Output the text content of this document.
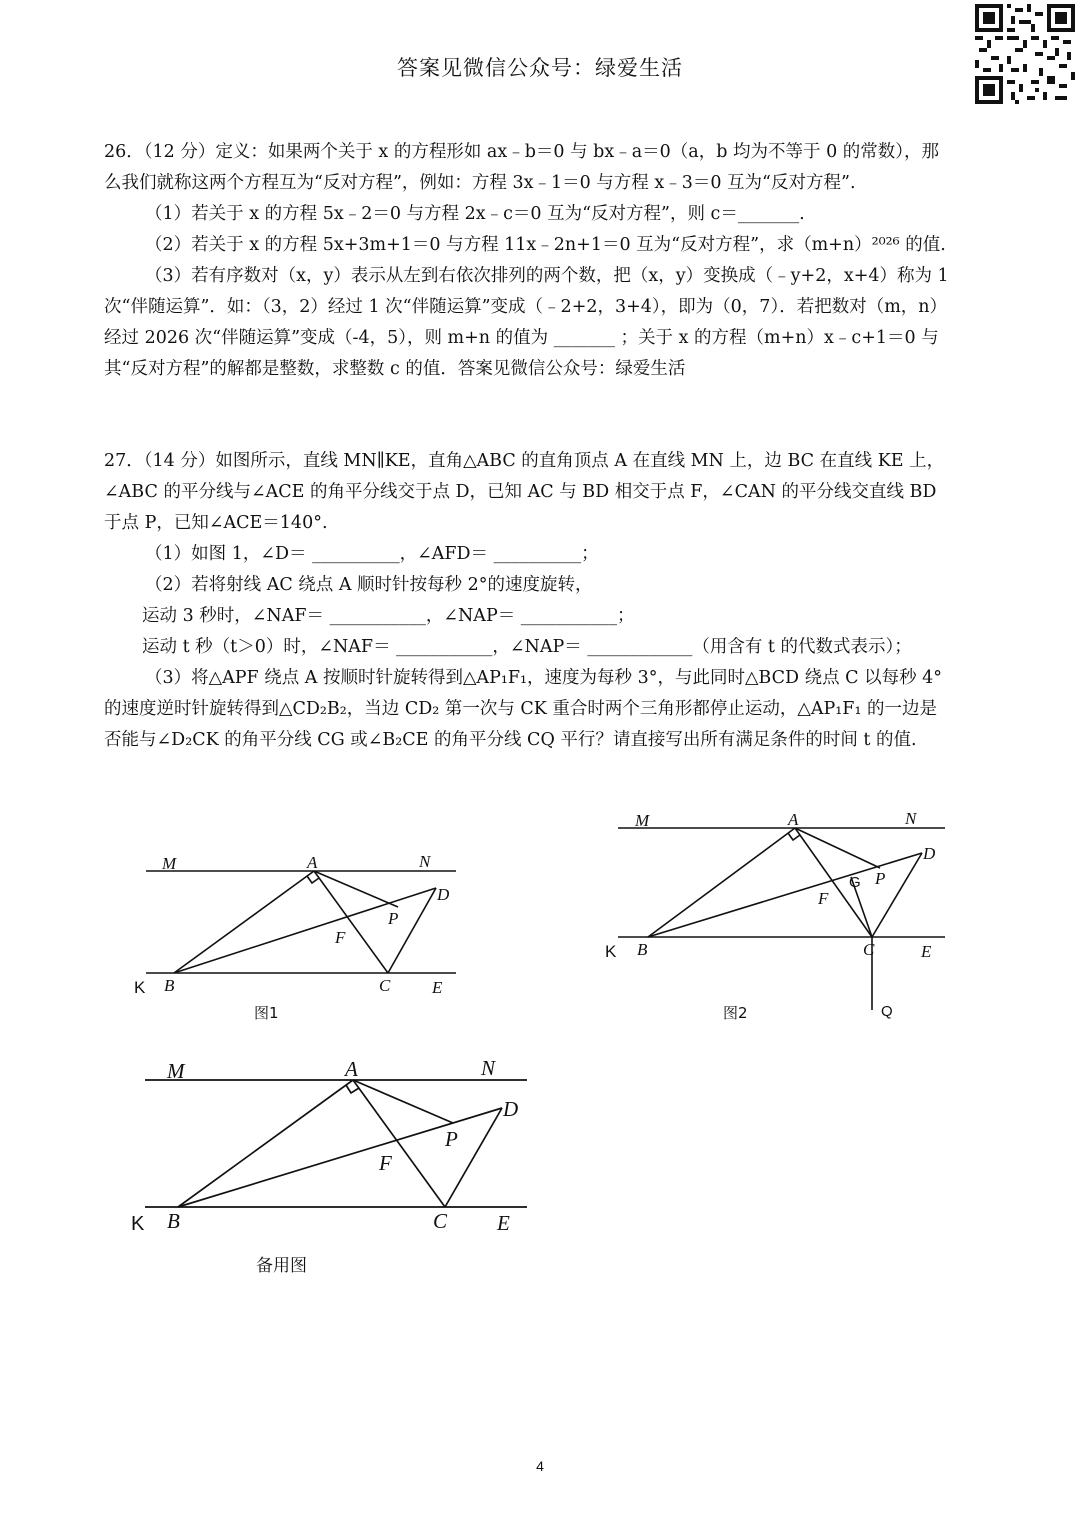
答案见微信公众号：绿爱生活
26．（12 分）定义：如果两个关于 x 的方程形如 ax﹣b＝0 与 bx﹣a＝0（a，b 均为不等于 0 的常数），那
么我们就称这两个方程互为“反对方程”，例如：方程 3x﹣1＝0 与方程 x﹣3＝0 互为“反对方程”.
（1）若关于 x 的方程 5x﹣2＝0 与方程 2x﹣c＝0 互为“反对方程”，则 c＝_______.
（2）若关于 x 的方程 5x+3m+1＝0 与方程 11x﹣2n+1＝0 互为“反对方程”，求（m+n）²⁰²⁶ 的值.
（3）若有序数对（x，y）表示从左到右依次排列的两个数，把（x，y）变换成（﹣y+2，x+4）称为 1
次“伴随运算”．如：（3，2）经过 1 次“伴随运算”变成（﹣2+2，3+4），即为（0，7）．若把数对（m，n）
经过 2026 次“伴随运算”变成（-4，5），则 m+n 的值为 _______ ；关于 x 的方程（m+n）x﹣c+1＝0 与
其“反对方程”的解都是整数，求整数 c 的值．答案见微信公众号：绿爱生活
27．（14 分）如图所示，直线 MN∥KE，直角△ABC 的直角顶点 A 在直线 MN 上，边 BC 在直线 KE 上，
∠ABC 的平分线与∠ACE 的角平分线交于点 D，已知 AC 与 BD 相交于点 F，∠CAN 的平分线交直线 BD
于点 P，已知∠ACE＝140°.
（1）如图 1，∠D＝ __________，∠AFD＝ __________；
（2）若将射线 AC 绕点 A 顺时针按每秒 2°的速度旋转，
运动 3 秒时，∠NAF＝ ___________，∠NAP＝ ___________；
运动 t 秒（t＞0）时，∠NAF＝ ___________，∠NAP＝ ____________（用含有 t 的代数式表示）；
（3）将△APF 绕点 A 按顺时针旋转得到△AP₁F₁，速度为每秒 3°，与此同时△BCD 绕点 C 以每秒 4°
的速度逆时针旋转得到△CD₂B₂，当边 CD₂ 第一次与 CK 重合时两个三角形都停止运动，△AP₁F₁ 的一边是
否能与∠D₂CK 的角平分线 CG 或∠B₂CE 的角平分线 CQ 平行？请直接写出所有满足条件的时间 t 的值.
M	A	N
D
P
F
K B	C E
图1
M	A	N
D
G P
F
K B	C	E
Q
图2
M	A	N
D
P
F
K B	C E
备用图
4
